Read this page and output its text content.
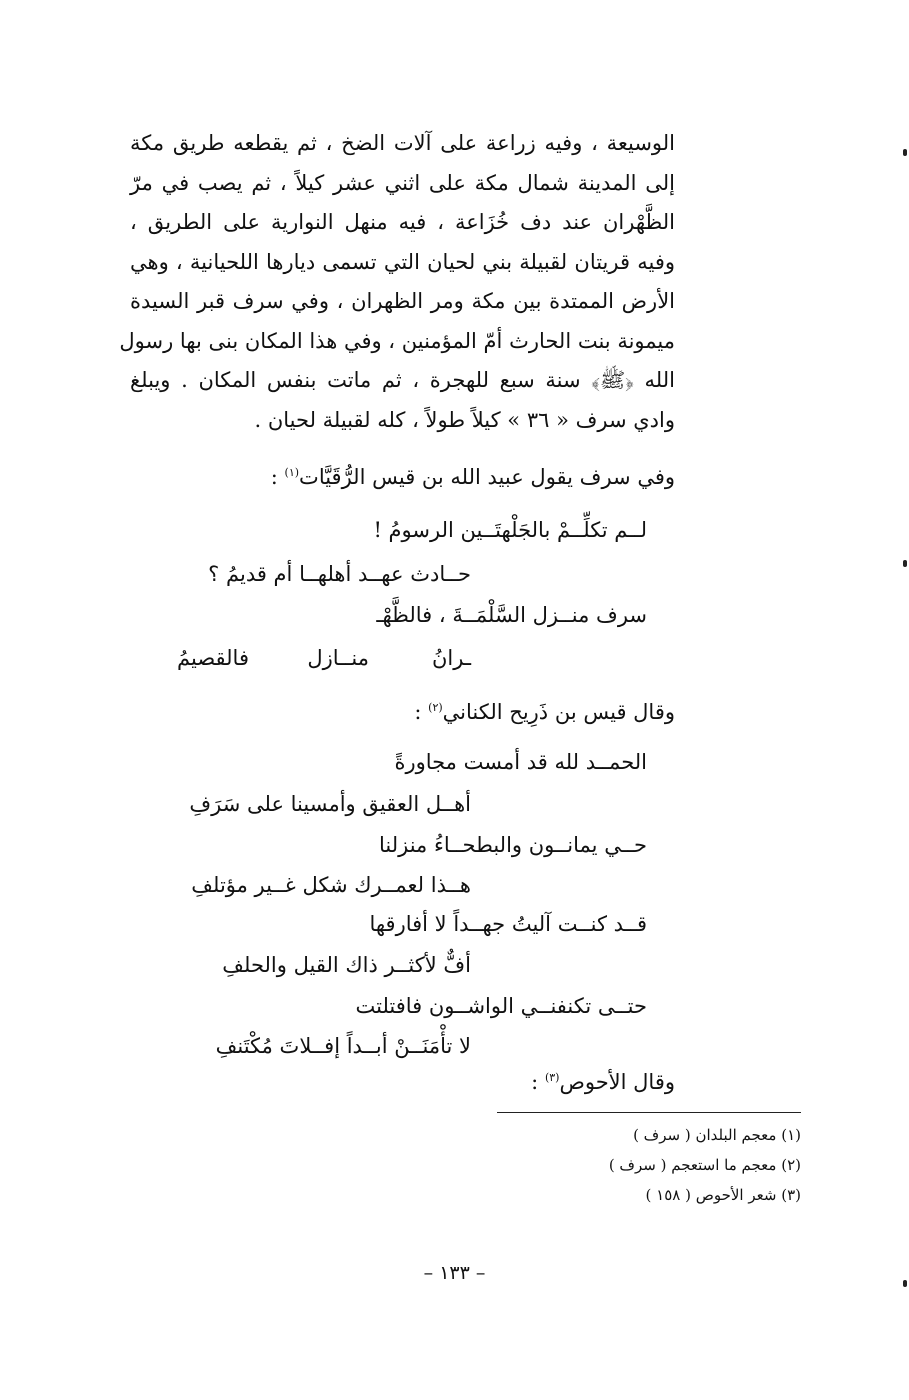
الوسيعة ، وفيه زراعة على آلات الضخ ، ثم يقطعه طريق مكة
إلى المدينة شمال مكة على اثني عشر كيلاً ، ثم يصب في مرّ
الظَّهْران عند دف خُزَاعة ، فيه منهل النوارية على الطريق ،
وفيه قريتان لقبيلة بني لحيان التي تسمى ديارها اللحيانية ، وهي
الأرض الممتدة بين مكة ومر الظهران ، وفي سرف قبر السيدة
ميمونة بنت الحارث أمّ المؤمنين ، وفي هذا المكان بنى بها رسول
الله ﴿ﷺ﴾ سنة سبع للهجرة ، ثم ماتت بنفس المكان . ويبلغ
وادي سرف « ٣٦ » كيلاً طولاً ، كله لقبيلة لحيان .
وفي سرف يقول عبيد الله بن قيس الرُّقَيَّات$^{(١)}$ :
لــم تكلِّــمْ بالجَلْهتَــين الرسومُ !
حــادث عهــد أهلهــا أم قديمُ ؟
سرف منــزل السَّلْمَــةَ ، فالظَّهْـ
ـرانُ
منــازل
فالقصيمُ
وقال قيس بن ذَرِيح الكناني$^{(٢)}$ :
الحمــد لله قد أمست مجاورةً
أهــل العقيق وأمسينا على سَرَفِ
حــي يمانــون والبطحــاءُ منزلنا
هــذا لعمــرك شكل غــير مؤتلفِ
قــد كنــت آليتُ جهــداً لا أفارقها
أفٌّ لأكثــر ذاك القيل والحلفِ
حتــى تكنفنــي الواشــون فافتلتت
لا تأْمَنَــنْ أبــداً إفــلاتَ مُكْتَنفِ
وقال الأحوص$^{(٣)}$ :
(١) معجم البلدان ( سرف )
(٢) معجم ما استعجم ( سرف )
(٣) شعر الأحوص ( ١٥٨ )
– ١٣٣ –
